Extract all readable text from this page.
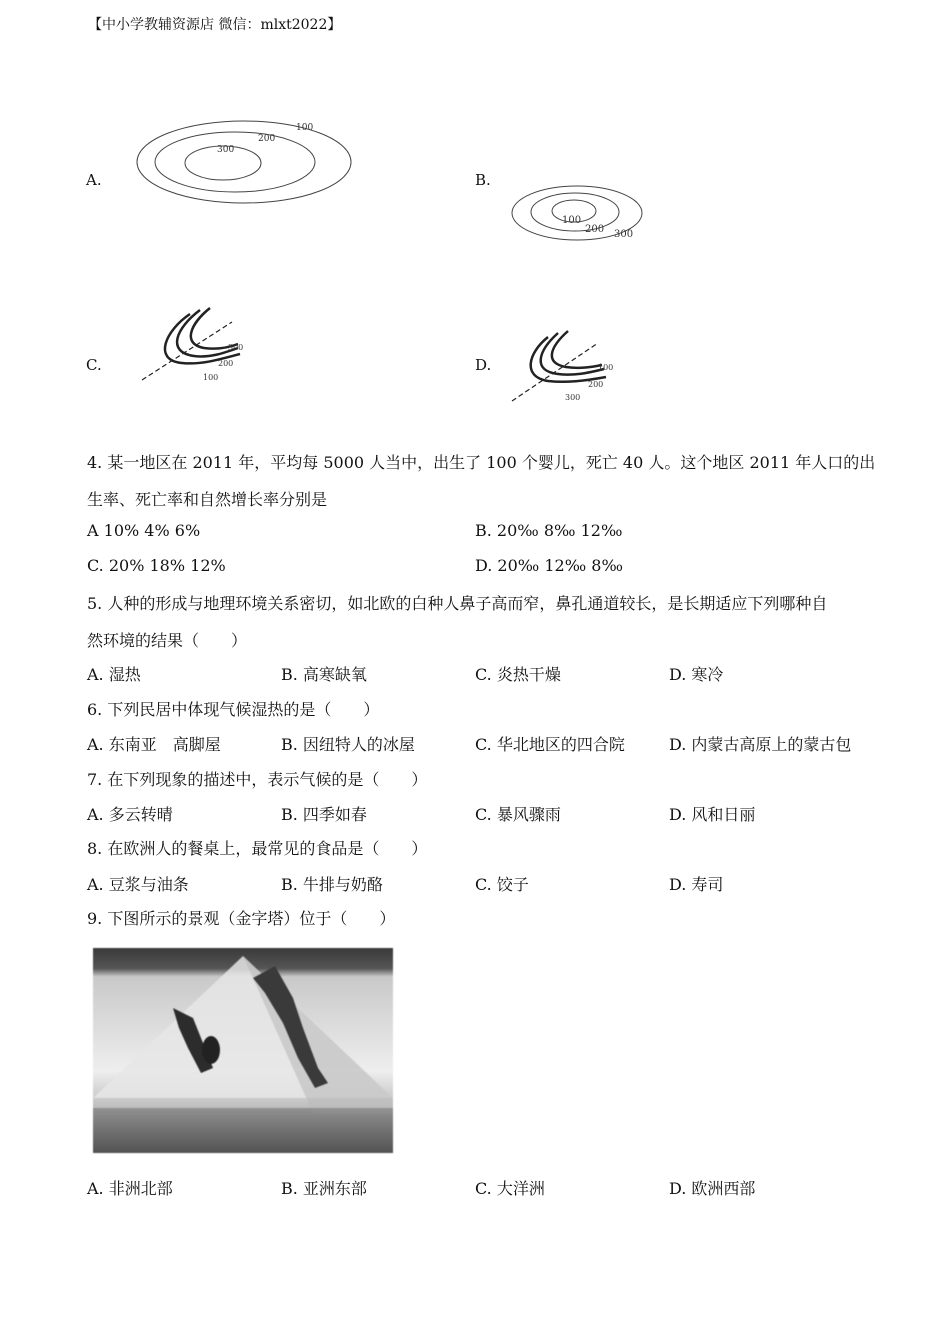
【中小学教辅资源店 微信：mlxt2022】
A.
300
200
100
B.
100
200 300
C.
300
200
100
D.	100
200
300
4. 某一地区在 2011 年，平均每 5000 人当中，出生了 100 个婴儿，死亡 40 人。这个地区 2011 年人口的出
生率、死亡率和自然增长率分别是
A 10% 4% 6%	B. 20‰ 8‰ 12‰
C. 20% 18% 12%	D. 20‰ 12‰ 8‰
5. 人种的形成与地理环境关系密切，如北欧的白种人鼻子高而窄，鼻孔通道较长，是长期适应下列哪种自
然环境的结果（　　）
A. 湿热	B. 高寒缺氧	C. 炎热干燥	D. 寒冷
6. 下列民居中体现气候湿热的是（　　）
A. 东南亚　高脚屋	B. 因纽特人的冰屋	C. 华北地区的四合院	D. 内蒙古高原上的蒙古包
7. 在下列现象的描述中，表示气候的是（　　）
A. 多云转晴	B. 四季如春	C. 暴风骤雨	D. 风和日丽
8. 在欧洲人的餐桌上，最常见的食品是（　　）
A. 豆浆与油条	B. 牛排与奶酪	C. 饺子	D. 寿司
9. 下图所示的景观（金字塔）位于（　　）
A. 非洲北部	B. 亚洲东部	C. 大洋洲	D. 欧洲西部
